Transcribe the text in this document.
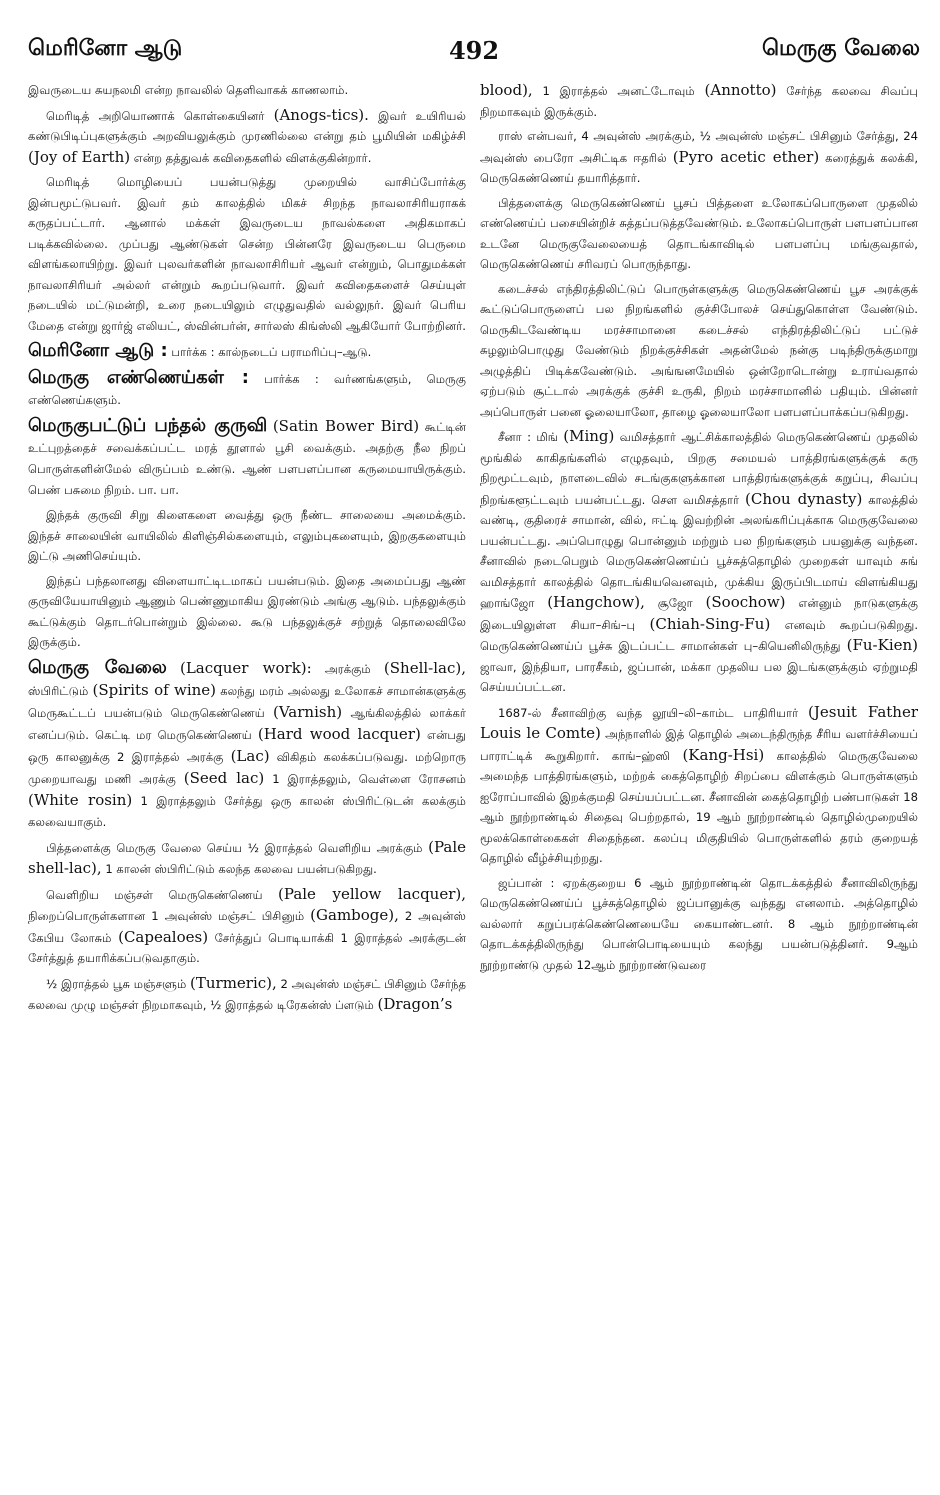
மெரினோ ஆடு	492	மெருகு வேலை

இவருடைய சுயநலமி என்ற நாவலில் தெளிவாகக் காணலாம்.

மெரிடித் அறியொணாக் கொள்கையினர் (Anogs-tics). இவர் உயிரியல் கண்டுபிடிப்புகளுக்கும் அறவியலுக்கும் முரணில்லை என்று தம் பூமியின் மகிழ்ச்சி (Joy of Earth) என்ற தத்துவக் கவிதைகளில் விளக்குகின்றார்.

மெரிடித் மொழியைப் பயன்படுத்து முறையில் வாசிப்போர்க்கு இன்பமூட்டுபவர். இவர் தம் காலத்தில் மிகச் சிறந்த நாவலாசிரியராகக் கருதப்பட்டார். ஆனால் மக்கள் இவருடைய நாவல்களை அதிகமாகப் படிக்கவில்லை. முப்பது ஆண்டுகள் சென்ற பின்னரே இவருடைய பெருமை விளங்கலாயிற்று. இவர் புலவர்களின் நாவலாசிரியர் ஆவர் என்றும், பொதுமக்கள் நாவலாசிரியர் அல்லர் என்றும் கூறப்படுவார். இவர் கவிதைகளைச் செய்யுள் நடையில் மட்டுமன்றி, உரை நடையிலும் எழுதுவதில் வல்லுநர். இவர் பெரிய மேதை என்று ஜார்ஜ் எலியட், ஸ்வின்பர்ன், சார்லஸ் கிங்ஸ்லி ஆகியோர் போற்றினர்.

மெரினோ ஆடு : பார்க்க : கால்நடைப் பராமரிப்பு–ஆடு.

மெருகு எண்ணெய்கள் : பார்க்க : வர்ணங்களும், மெருகு எண்ணெய்களும்.

மெருகுபட்டுப் பந்தல் குருவி (Satin Bower Bird) கூட்டின் உட்புறத்தைச் சவைக்கப்பட்ட மரத் தூளால் பூசி வைக்கும். அதற்கு நீல நிறப் பொருள்களின்மேல் விருப்பம் உண்டு. ஆண் பளபளப்பான கருமையாயிருக்கும். பெண் பசுமை நிறம். பா. பா.

இந்தக் குருவி சிறு கிளைகளை வைத்து ஒரு நீண்ட சாலையை அமைக்கும். இந்தச் சாலையின் வாயிலில் கிளிஞ்சில்களையும், எலும்புகளையும், இறகுகளையும் இட்டு அணிசெய்யும்.

இந்தப் பந்தலானது விளையாட்டிடமாகப் பயன்படும். இதை அமைப்பது ஆண் குருவியேயாயினும் ஆணும் பெண்ணுமாகிய இரண்டும் அங்கு ஆடும். பந்தலுக்கும் கூட்டுக்கும் தொடர்பொன்றும் இல்லை. கூடு பந்தலுக்குச் சற்றுத் தொலைவிலே இருக்கும்.

மெருகு வேலை (Lacquer work): அரக்கும் (Shell-lac), ஸ்பிரிட்டும் (Spirits of wine) கலந்து மரம் அல்லது உலோகச் சாமான்களுக்கு மெருகூட்டப் பயன்படும் மெருகெண்ணெய் (Varnish) ஆங்கிலத்தில் லாக்கர் எனப்படும். கெட்டி மர மெருகெண்ணெய் (Hard wood lacquer) என்பது ஒரு காலனுக்கு 2 இராத்தல் அரக்கு (Lac) விகிதம் கலக்கப்படுவது. மற்றொரு முறையாவது மணி அரக்கு (Seed lac) 1 இராத்தலும், வெள்ளை ரோசனம் (White rosin) 1 இராத்தலும் சேர்த்து ஒரு காலன் ஸ்பிரிட்டுடன் கலக்கும் கலவையாகும்.

பித்தளைக்கு மெருகு வேலை செய்ய ½ இராத்தல் வெளிறிய அரக்கும் (Pale shell-lac), 1 காலன் ஸ்பிரிட்டும் கலந்த கலவை பயன்படுகிறது.

வெளிறிய மஞ்சள் மெருகெண்ணெய் (Pale yellow lacquer), நிறைப்பொருள்களான 1 அவுன்ஸ் மஞ்சட் பிசினும் (Gamboge), 2 அவுன்ஸ் கேபிய லோசும் (Capealoes) சேர்த்துப் பொடியாக்கி 1 இராத்தல் அரக்குடன் சேர்த்துத் தயாரிக்கப்படுவதாகும்.

½ இராத்தல் பூசு மஞ்சளும் (Turmeric), 2 அவுன்ஸ் மஞ்சட் பிசினும் சேர்ந்த கலவை முழு மஞ்சள் நிறமாகவும், ½ இராத்தல் டிரேகன்ஸ் ப்ளடும் (Dragon’s

blood), 1 இராத்தல் அனட்டோவும் (Annotto) சேர்ந்த கலவை சிவப்பு நிறமாகவும் இருக்கும்.

ராஸ் என்பவர், 4 அவுன்ஸ் அரக்கும், ½ அவுன்ஸ் மஞ்சட் பிசினும் சேர்த்து, 24 அவுன்ஸ் பைரோ அசிட்டிக ஈதரில் (Pyro acetic ether) கரைத்துக் கலக்கி, மெருகெண்ணெய் தயாரித்தார்.

பித்தளைக்கு மெருகெண்ணெய் பூசப் பித்தளை உலோகப்பொருளை முதலில் எண்ணெய்ப் பசையின்றிச் சுத்தப்படுத்தவேண்டும். உலோகப்பொருள் பளபளப்பான உடனே மெருகுவேலையைத் தொடங்காவிடில் பளபளப்பு மங்குவதால், மெருகெண்ணெய் சரிவரப் பொருந்தாது.

கடைச்சல் எந்திரத்திலிட்டுப் பொருள்களுக்கு மெருகெண்ணெய் பூச அரக்குக் கூட்டுப்பொருளைப் பல நிறங்களில் குச்சிபோலச் செய்துகொள்ள வேண்டும். மெருகிடவேண்டிய மரச்சாமானை கடைச்சல் எந்திரத்திலிட்டுப் பட்டுச் சுழலும்பொழுது வேண்டும் நிறக்குச்சிகள் அதன்மேல் நன்கு படிந்திருக்குமாறு அழுத்திப் பிடிக்கவேண்டும். அங்ஙனமேயில் ஒன்றோடொன்று உராய்வதால் ஏற்படும் சூட்டால் அரக்குக் குச்சி உருகி, நிறம் மரச்சாமானில் பதியும். பின்னர் அப்பொருள் பனை ஓலையாலோ, தாழை ஓலையாலோ பளபளப்பாக்கப்படுகிறது.

சீனா : மிங் (Ming) வமிசத்தார் ஆட்சிக்காலத்தில் மெருகெண்ணெய் முதலில் மூங்கில் காகிதங்களில் எழுதவும், பிறகு சமையல் பாத்திரங்களுக்குக் கரு நிறமூட்டவும், நாளடைவில் சடங்குகளுக்கான பாத்திரங்களுக்குக் கறுப்பு, சிவப்பு நிறங்களூட்டவும் பயன்பட்டது. சௌ வமிசத்தார் (Chou dynasty) காலத்தில் வண்டி, குதிரைச் சாமான், வில், ஈட்டி இவற்றின் அலங்கரிப்புக்காக மெருகுவேலை பயன்பட்டது. அப்பொழுது பொன்னும் மற்றும் பல நிறங்களும் பயனுக்கு வந்தன. சீனாவில் நடைபெறும் மெருகெண்ணெய்ப் பூச்சுத்தொழில் முறைகள் யாவும் சுங் வமிசத்தார் காலத்தில் தொடங்கியவெனவும், முக்கிய இருப்பிடமாய் விளங்கியது ஹாங்ஜோ (Hangchow), சூஜோ (Soochow) என்னும் நாடுகளுக்கு இடையிலுள்ள சியா–சிங்–பு (Chiah-Sing-Fu) எனவும் கூறப்படுகிறது. மெருகெண்ணெய்ப் பூச்சு இடப்பட்ட சாமான்கள் பு–கியெனிலிருந்து (Fu-Kien) ஜாவா, இந்தியா, பாரசீகம், ஜப்பான், மக்கா முதலிய பல இடங்களுக்கும் ஏற்றுமதி செய்யப்பட்டன.

1687-ல் சீனாவிற்கு வந்த லூயி–லி–காம்ட பாதிரியார் (Jesuit Father Louis le Comte) அந்நாளில் இத் தொழில் அடைந்திருந்த சீரிய வளர்ச்சியைப் பாராட்டிக் கூறுகிறார். காங்–ஹ்ஸி (Kang-Hsi) காலத்தில் மெருகுவேலை அமைந்த பாத்திரங்களும், மற்றக் கைத்தொழிற் சிறப்பை விளக்கும் பொருள்களும் ஐரோப்பாவில் இறக்குமதி செய்யப்பட்டன. சீனாவின் கைத்தொழிற் பண்பாடுகள் 18 ஆம் நூற்றாண்டில் சிதைவு பெற்றதால், 19 ஆம் நூற்றாண்டில் தொழில்முறையில் மூலக்கொள்கைகள் சிதைந்தன. கலப்பு மிகுதியில் பொருள்களில் தரம் குறையத் தொழில் வீழ்ச்சியுற்றது.

ஜப்பான் : ஏறக்குறைய 6 ஆம் நூற்றாண்டின் தொடக்கத்தில் சீனாவிலிருந்து மெருகெண்ணெய்ப் பூச்சுத்தொழில் ஜப்பானுக்கு வந்தது எனலாம். அத்தொழில் வல்லார் கறுப்பரக்கெண்ணெயையே கையாண்டனர். 8 ஆம் நூற்றாண்டின் தொடக்கத்திலிருந்து பொன்பொடியையும் கலந்து பயன்படுத்தினர். 9ஆம் நூற்றாண்டு முதல் 12ஆம் நூற்றாண்டுவரை
